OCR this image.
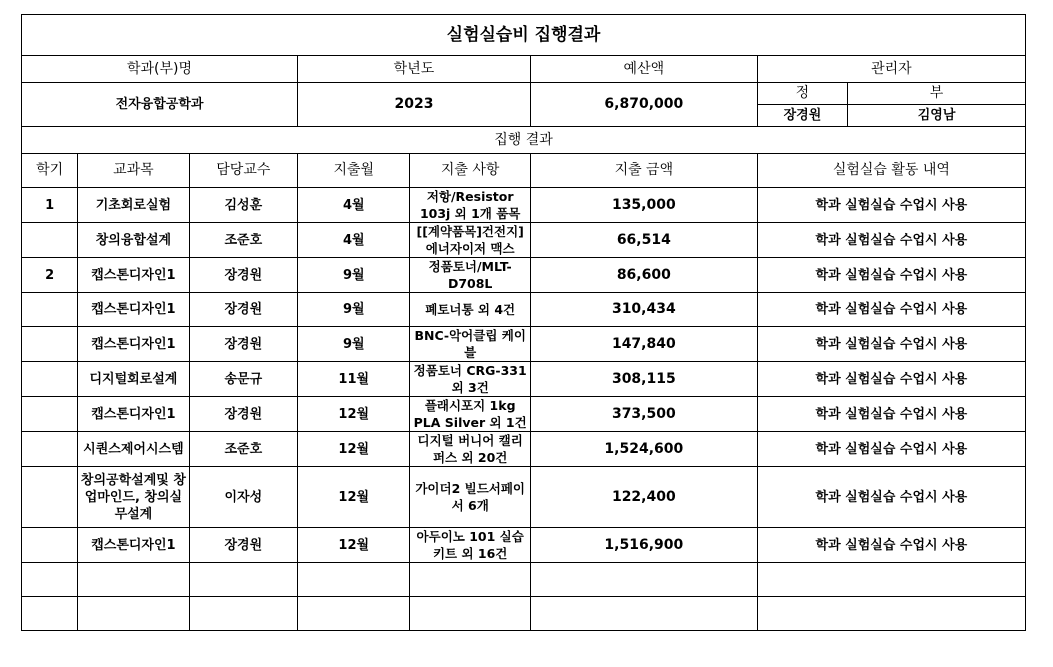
실험실습비 집행결과							
학과(부)명			학년도		예산액	관리자	
전자융합공학과			2023		6,870,000	정	부
						장경원	김영남
집행 결과							
학기	교과목	담당교수	지출월	지출 사항	지출 금액	실험실습 활동 내역	
1	기초회로실험	김성훈	4월	저항/Resistor 103j 외 1개 품목	135,000	학과 실험실습 수업시 사용	
	창의융합설계	조준호	4월	[[계약품목]건전지]에너자이저 맥스	66,514	학과 실험실습 수업시 사용	
2	캡스톤디자인1	장경원	9월	정품토너/MLT-D708L	86,600	학과 실험실습 수업시 사용	
	캡스톤디자인1	장경원	9월	폐토너통 외 4건	310,434	학과 실험실습 수업시 사용	
	캡스톤디자인1	장경원	9월	BNC-악어클립 케이블	147,840	학과 실험실습 수업시 사용	
	디지털회로설계	송문규	11월	정품토너 CRG-331 외 3건	308,115	학과 실험실습 수업시 사용	
	캡스톤디자인1	장경원	12월	플래시포지 1kg PLA Silver 외 1건	373,500	학과 실험실습 수업시 사용	
	시퀀스제어시스템	조준호	12월	디지털 버니어 캘리퍼스 외 20건	1,524,600	학과 실험실습 수업시 사용	
	창의공학설계및 창업마인드, 창의실무설계	이자성	12월	가이더2 빌드서페이서 6개	122,400	학과 실험실습 수업시 사용	
	캡스톤디자인1	장경원	12월	아두이노 101 실습키트 외 16건	1,516,900	학과 실험실습 수업시 사용	
